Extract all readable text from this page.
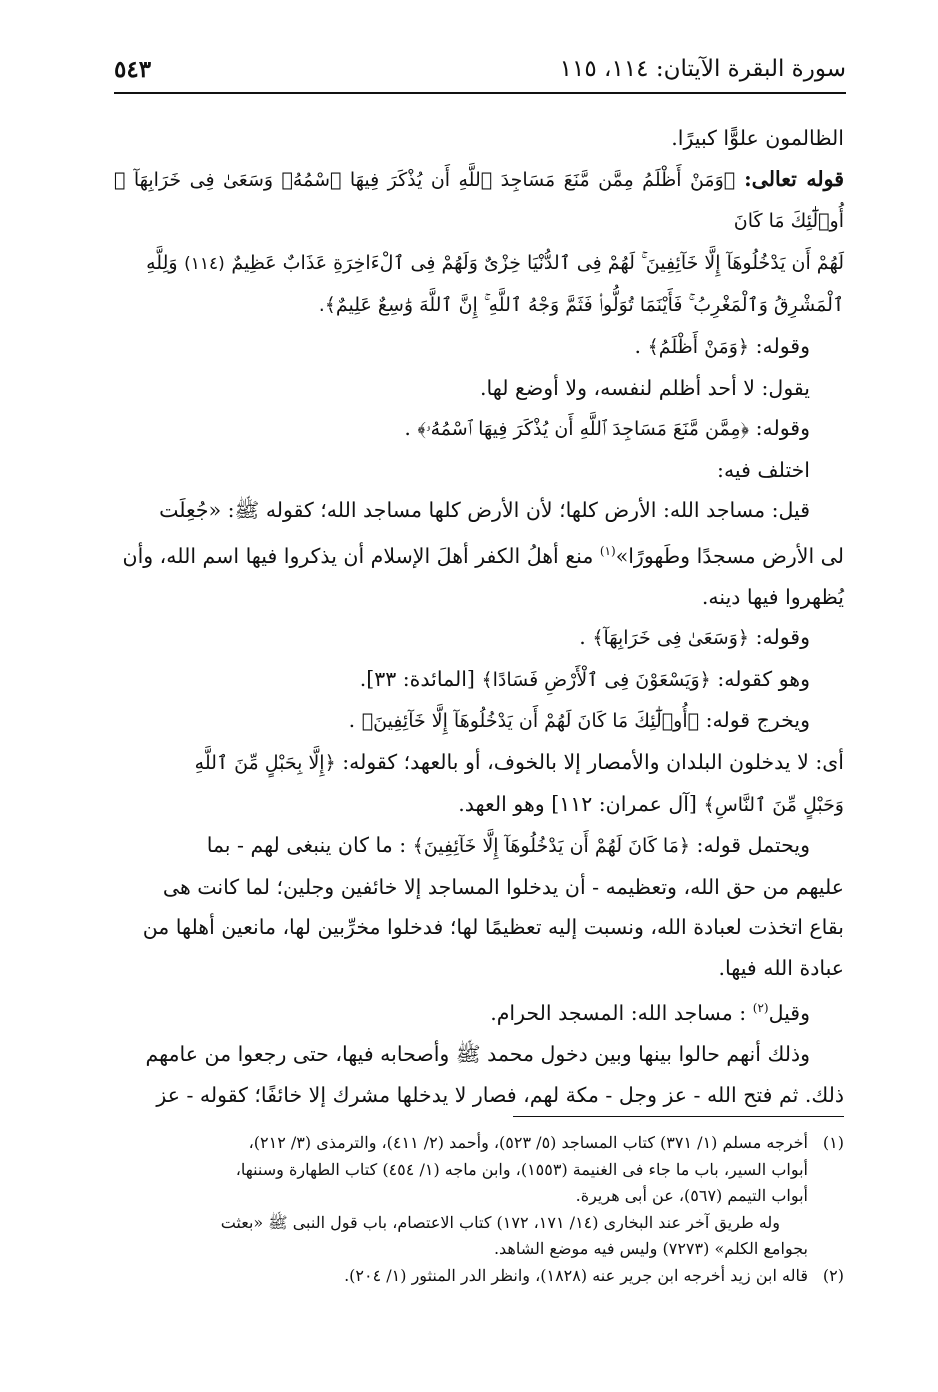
سورة البقرة الآيتان: ١١٤، ١١٥
٥٤٣

الظالمون علوًّا كبيرًا.

قوله تعالى: ﴿وَمَنْ أَظْلَمُ مِمَّن مَّنَعَ مَسَاجِدَ ٱللَّهِ أَن يُذْكَرَ فِيهَا ٱسْمُهُۥ وَسَعَىٰ فِى خَرَابِهَآ ۚ أُو۟لَٰٓئِكَ مَا كَانَ

لَهُمْ أَن يَدْخُلُوهَآ إِلَّا خَآئِفِينَ ۚ لَهُمْ فِى ٱلدُّنْيَا خِزْىٌ وَلَهُمْ فِى ٱلْءَاخِرَةِ عَذَابٌ عَظِيمٌ (١١٤) وَلِلَّهِ

ٱلْمَشْرِقُ وَٱلْمَغْرِبُ ۚ فَأَيْنَمَا تُوَلُّوا۟ فَثَمَّ وَجْهُ ٱللَّهِ ۚ إِنَّ ٱللَّهَ وَٰسِعٌ عَلِيمٌ﴾.

وقوله: ﴿وَمَنْ أَظْلَمُ﴾ .

يقول: لا أحد أظلم لنفسه، ولا أوضع لها.

وقوله: ﴿مِمَّن مَّنَعَ مَسَاجِدَ ٱللَّهِ أَن يُذْكَرَ فِيهَا ٱسْمُهُۥ﴾ .

اختلف فيه:

قيل: مساجد الله: الأرض كلها؛ لأن الأرض كلها مساجد الله؛ كقوله ﷺ: «جُعِلَت

لى الأرض مسجدًا وطَهورًا»$^{(١)}$ منع أهلُ الكفر أهلَ الإسلام أن يذكروا فيها اسم الله، وأن

يُظهروا فيها دينه.

وقوله: ﴿وَسَعَىٰ فِى خَرَابِهَآ﴾ .

وهو كقوله: ﴿وَيَسْعَوْنَ فِى ٱلْأَرْضِ فَسَادًا﴾ [المائدة: ٣٣].

ويخرج قوله: ﴿أُو۟لَٰٓئِكَ مَا كَانَ لَهُمْ أَن يَدْخُلُوهَآ إِلَّا خَآئِفِينَ﴾ .

أى: لا يدخلون البلدان والأمصار إلا بالخوف، أو بالعهد؛ كقوله: ﴿إِلَّا بِحَبْلٍ مِّنَ ٱللَّهِ

وَحَبْلٍ مِّنَ ٱلنَّاسِ﴾ [آل عمران: ١١٢] وهو العهد.

ويحتمل قوله: ﴿مَا كَانَ لَهُمْ أَن يَدْخُلُوهَآ إِلَّا خَآئِفِينَ﴾ : ما كان ينبغى لهم - بما

عليهم من حق الله، وتعظيمه - أن يدخلوا المساجد إلا خائفين وجلين؛ لما كانت هى

بقاع اتخذت لعبادة الله، ونسبت إليه تعظيمًا لها؛ فدخلوا مخرِّبين لها، مانعين أهلها من

عبادة الله فيها.

وقيل$^{(٢)}$ : مساجد الله: المسجد الحرام.

وذلك أنهم حالوا بينها وبين دخول محمد ﷺ وأصحابه فيها، حتى رجعوا من عامهم

ذلك. ثم فتح الله - عز وجل - مكة لهم، فصار لا يدخلها مشرك إلا خائفًا؛ كقوله - عز

(١)أخرجه مسلم (١/ ٣٧١) كتاب المساجد (٥/ ٥٢٣)، وأحمد (٢/ ٤١١)، والترمذى (٣/ ٢١٢)،

أبواب السير، باب ما جاء فى الغنيمة (١٥٥٣)، وابن ماجه (١/ ٤٥٤) كتاب الطهارة وسننها،

أبواب التيمم (٥٦٧)، عن أبى هريرة.

وله طريق آخر عند البخارى (١٤/ ١٧١، ١٧٢) كتاب الاعتصام، باب قول النبى ﷺ «بعثت

بجوامع الكلم» (٧٢٧٣) وليس فيه موضع الشاهد.

(٢)قاله ابن زيد أخرجه ابن جرير عنه (١٨٢٨)، وانظر الدر المنثور (١/ ٢٠٤).
